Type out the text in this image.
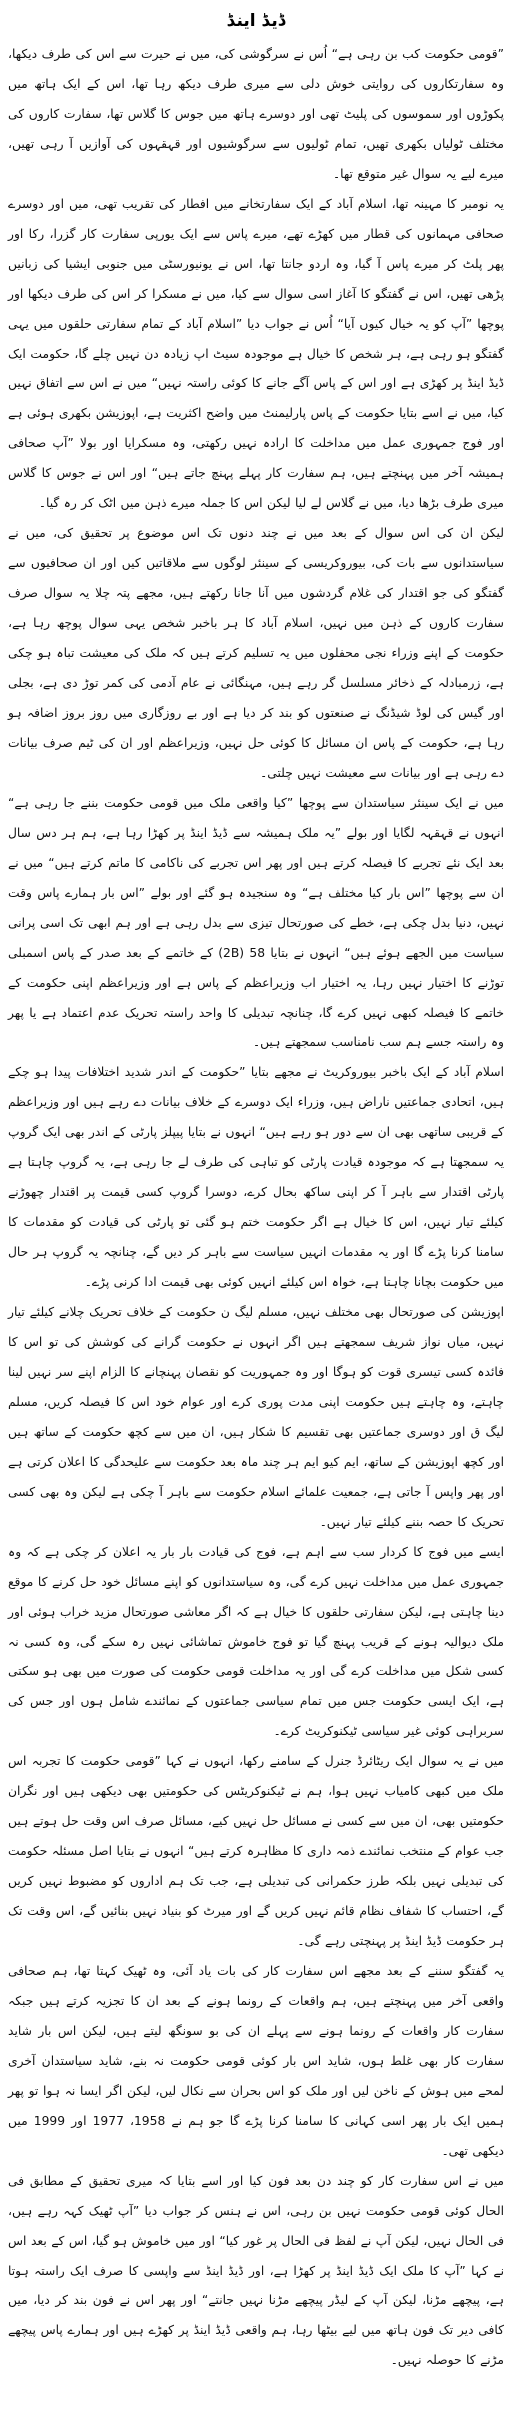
ڈیڈ اینڈ

”قومی حکومت کب بن رہی ہے“ اُس نے سرگوشی کی، میں نے حیرت سے اس کی طرف دیکھا، وہ سفارتکاروں کی روایتی خوش دلی سے میری طرف دیکھ رہا تھا، اس کے ایک ہاتھ میں پکوڑوں اور سموسوں کی پلیٹ تھی اور دوسرے ہاتھ میں جوس کا گلاس تھا، سفارت کاروں کی مختلف ٹولیاں بکھری تھیں، تمام ٹولیوں سے سرگوشیوں اور قہقہوں کی آوازیں آ رہی تھیں، میرے لیے یہ سوال غیر متوقع تھا۔

یہ نومبر کا مہینہ تھا، اسلام آباد کے ایک سفارتخانے میں افطار کی تقریب تھی، میں اور دوسرے صحافی مہمانوں کی قطار میں کھڑے تھے، میرے پاس سے ایک یورپی سفارت کار گزرا، رکا اور پھر پلٹ کر میرے پاس آ گیا، وہ اردو جانتا تھا، اس نے یونیورسٹی میں جنوبی ایشیا کی زبانیں پڑھی تھیں، اس نے گفتگو کا آغاز اسی سوال سے کیا، میں نے مسکرا کر اس کی طرف دیکھا اور پوچھا ”آپ کو یہ خیال کیوں آیا“ اُس نے جواب دیا ”اسلام آباد کے تمام سفارتی حلقوں میں یہی گفتگو ہو رہی ہے، ہر شخص کا خیال ہے موجودہ سیٹ اپ زیادہ دن نہیں چلے گا، حکومت ایک ڈیڈ اینڈ پر کھڑی ہے اور اس کے پاس آگے جانے کا کوئی راستہ نہیں“ میں نے اس سے اتفاق نہیں کیا، میں نے اسے بتایا حکومت کے پاس پارلیمنٹ میں واضح اکثریت ہے، اپوزیشن بکھری ہوئی ہے اور فوج جمہوری عمل میں مداخلت کا ارادہ نہیں رکھتی، وہ مسکرایا اور بولا ”آپ صحافی ہمیشہ آخر میں پہنچتے ہیں، ہم سفارت کار پہلے پہنچ جاتے ہیں“ اور اس نے جوس کا گلاس میری طرف بڑھا دیا، میں نے گلاس لے لیا لیکن اس کا جملہ میرے ذہن میں اٹک کر رہ گیا۔

لیکن ان کی اس سوال کے بعد میں نے چند دنوں تک اس موضوع پر تحقیق کی، میں نے سیاستدانوں سے بات کی، بیوروکریسی کے سینئر لوگوں سے ملاقاتیں کیں اور ان صحافیوں سے گفتگو کی جو اقتدار کی غلام گردشوں میں آنا جانا رکھتے ہیں، مجھے پتہ چلا یہ سوال صرف سفارت کاروں کے ذہن میں نہیں، اسلام آباد کا ہر باخبر شخص یہی سوال پوچھ رہا ہے، حکومت کے اپنے وزراء نجی محفلوں میں یہ تسلیم کرتے ہیں کہ ملک کی معیشت تباہ ہو چکی ہے، زرمبادلہ کے ذخائر مسلسل گر رہے ہیں، مہنگائی نے عام آدمی کی کمر توڑ دی ہے، بجلی اور گیس کی لوڈ شیڈنگ نے صنعتوں کو بند کر دیا ہے اور بے روزگاری میں روز بروز اضافہ ہو رہا ہے، حکومت کے پاس ان مسائل کا کوئی حل نہیں، وزیراعظم اور ان کی ٹیم صرف بیانات دے رہی ہے اور بیانات سے معیشت نہیں چلتی۔

میں نے ایک سینئر سیاستدان سے پوچھا ”کیا واقعی ملک میں قومی حکومت بننے جا رہی ہے“ انہوں نے قہقہہ لگایا اور بولے ”یہ ملک ہمیشہ سے ڈیڈ اینڈ پر کھڑا رہا ہے، ہم ہر دس سال بعد ایک نئے تجربے کا فیصلہ کرتے ہیں اور پھر اس تجربے کی ناکامی کا ماتم کرتے ہیں“ میں نے ان سے پوچھا ”اس بار کیا مختلف ہے“ وہ سنجیدہ ہو گئے اور بولے ”اس بار ہمارے پاس وقت نہیں، دنیا بدل چکی ہے، خطے کی صورتحال تیزی سے بدل رہی ہے اور ہم ابھی تک اسی پرانی سیاست میں الجھے ہوئے ہیں“ انہوں نے بتایا 58 (2B) کے خاتمے کے بعد صدر کے پاس اسمبلی توڑنے کا اختیار نہیں رہا، یہ اختیار اب وزیراعظم کے پاس ہے اور وزیراعظم اپنی حکومت کے خاتمے کا فیصلہ کبھی نہیں کرے گا، چنانچہ تبدیلی کا واحد راستہ تحریک عدم اعتماد ہے یا پھر وہ راستہ جسے ہم سب نامناسب سمجھتے ہیں۔

اسلام آباد کے ایک باخبر بیوروکریٹ نے مجھے بتایا ”حکومت کے اندر شدید اختلافات پیدا ہو چکے ہیں، اتحادی جماعتیں ناراض ہیں، وزراء ایک دوسرے کے خلاف بیانات دے رہے ہیں اور وزیراعظم کے قریبی ساتھی بھی ان سے دور ہو رہے ہیں“ انہوں نے بتایا پیپلز پارٹی کے اندر بھی ایک گروپ یہ سمجھتا ہے کہ موجودہ قیادت پارٹی کو تباہی کی طرف لے جا رہی ہے، یہ گروپ چاہتا ہے پارٹی اقتدار سے باہر آ کر اپنی ساکھ بحال کرے، دوسرا گروپ کسی قیمت پر اقتدار چھوڑنے کیلئے تیار نہیں، اس کا خیال ہے اگر حکومت ختم ہو گئی تو پارٹی کی قیادت کو مقدمات کا سامنا کرنا پڑے گا اور یہ مقدمات انہیں سیاست سے باہر کر دیں گے، چنانچہ یہ گروپ ہر حال میں حکومت بچانا چاہتا ہے، خواہ اس کیلئے انہیں کوئی بھی قیمت ادا کرنی پڑے۔

اپوزیشن کی صورتحال بھی مختلف نہیں، مسلم لیگ ن حکومت کے خلاف تحریک چلانے کیلئے تیار نہیں، میاں نواز شریف سمجھتے ہیں اگر انہوں نے حکومت گرانے کی کوشش کی تو اس کا فائدہ کسی تیسری قوت کو ہوگا اور وہ جمہوریت کو نقصان پہنچانے کا الزام اپنے سر نہیں لینا چاہتے، وہ چاہتے ہیں حکومت اپنی مدت پوری کرے اور عوام خود اس کا فیصلہ کریں، مسلم لیگ ق اور دوسری جماعتیں بھی تقسیم کا شکار ہیں، ان میں سے کچھ حکومت کے ساتھ ہیں اور کچھ اپوزیشن کے ساتھ، ایم کیو ایم ہر چند ماہ بعد حکومت سے علیحدگی کا اعلان کرتی ہے اور پھر واپس آ جاتی ہے، جمعیت علمائے اسلام حکومت سے باہر آ چکی ہے لیکن وہ بھی کسی تحریک کا حصہ بننے کیلئے تیار نہیں۔

ایسے میں فوج کا کردار سب سے اہم ہے، فوج کی قیادت بار بار یہ اعلان کر چکی ہے کہ وہ جمہوری عمل میں مداخلت نہیں کرے گی، وہ سیاستدانوں کو اپنے مسائل خود حل کرنے کا موقع دینا چاہتی ہے، لیکن سفارتی حلقوں کا خیال ہے کہ اگر معاشی صورتحال مزید خراب ہوئی اور ملک دیوالیہ ہونے کے قریب پہنچ گیا تو فوج خاموش تماشائی نہیں رہ سکے گی، وہ کسی نہ کسی شکل میں مداخلت کرے گی اور یہ مداخلت قومی حکومت کی صورت میں بھی ہو سکتی ہے، ایک ایسی حکومت جس میں تمام سیاسی جماعتوں کے نمائندے شامل ہوں اور جس کی سربراہی کوئی غیر سیاسی ٹیکنوکریٹ کرے۔

میں نے یہ سوال ایک ریٹائرڈ جنرل کے سامنے رکھا، انہوں نے کہا ”قومی حکومت کا تجربہ اس ملک میں کبھی کامیاب نہیں ہوا، ہم نے ٹیکنوکریٹس کی حکومتیں بھی دیکھی ہیں اور نگران حکومتیں بھی، ان میں سے کسی نے مسائل حل نہیں کیے، مسائل صرف اس وقت حل ہوتے ہیں جب عوام کے منتخب نمائندے ذمہ داری کا مظاہرہ کرتے ہیں“ انہوں نے بتایا اصل مسئلہ حکومت کی تبدیلی نہیں بلکہ طرز حکمرانی کی تبدیلی ہے، جب تک ہم اداروں کو مضبوط نہیں کریں گے، احتساب کا شفاف نظام قائم نہیں کریں گے اور میرٹ کو بنیاد نہیں بنائیں گے، اس وقت تک ہر حکومت ڈیڈ اینڈ پر پہنچتی رہے گی۔

یہ گفتگو سننے کے بعد مجھے اس سفارت کار کی بات یاد آئی، وہ ٹھیک کہتا تھا، ہم صحافی واقعی آخر میں پہنچتے ہیں، ہم واقعات کے رونما ہونے کے بعد ان کا تجزیہ کرتے ہیں جبکہ سفارت کار واقعات کے رونما ہونے سے پہلے ان کی بو سونگھ لیتے ہیں، لیکن اس بار شاید سفارت کار بھی غلط ہوں، شاید اس بار کوئی قومی حکومت نہ بنے، شاید سیاستدان آخری لمحے میں ہوش کے ناخن لیں اور ملک کو اس بحران سے نکال لیں، لیکن اگر ایسا نہ ہوا تو پھر ہمیں ایک بار پھر اسی کہانی کا سامنا کرنا پڑے گا جو ہم نے 1958، 1977 اور 1999 میں دیکھی تھی۔

میں نے اس سفارت کار کو چند دن بعد فون کیا اور اسے بتایا کہ میری تحقیق کے مطابق فی الحال کوئی قومی حکومت نہیں بن رہی، اس نے ہنس کر جواب دیا ”آپ ٹھیک کہہ رہے ہیں، فی الحال نہیں، لیکن آپ نے لفظ فی الحال پر غور کیا“ اور میں خاموش ہو گیا، اس کے بعد اس نے کہا ”آپ کا ملک ایک ڈیڈ اینڈ پر کھڑا ہے، اور ڈیڈ اینڈ سے واپسی کا صرف ایک راستہ ہوتا ہے، پیچھے مڑنا، لیکن آپ کے لیڈر پیچھے مڑنا نہیں جانتے“ اور پھر اس نے فون بند کر دیا، میں کافی دیر تک فون ہاتھ میں لیے بیٹھا رہا، ہم واقعی ڈیڈ اینڈ پر کھڑے ہیں اور ہمارے پاس پیچھے مڑنے کا حوصلہ نہیں۔
